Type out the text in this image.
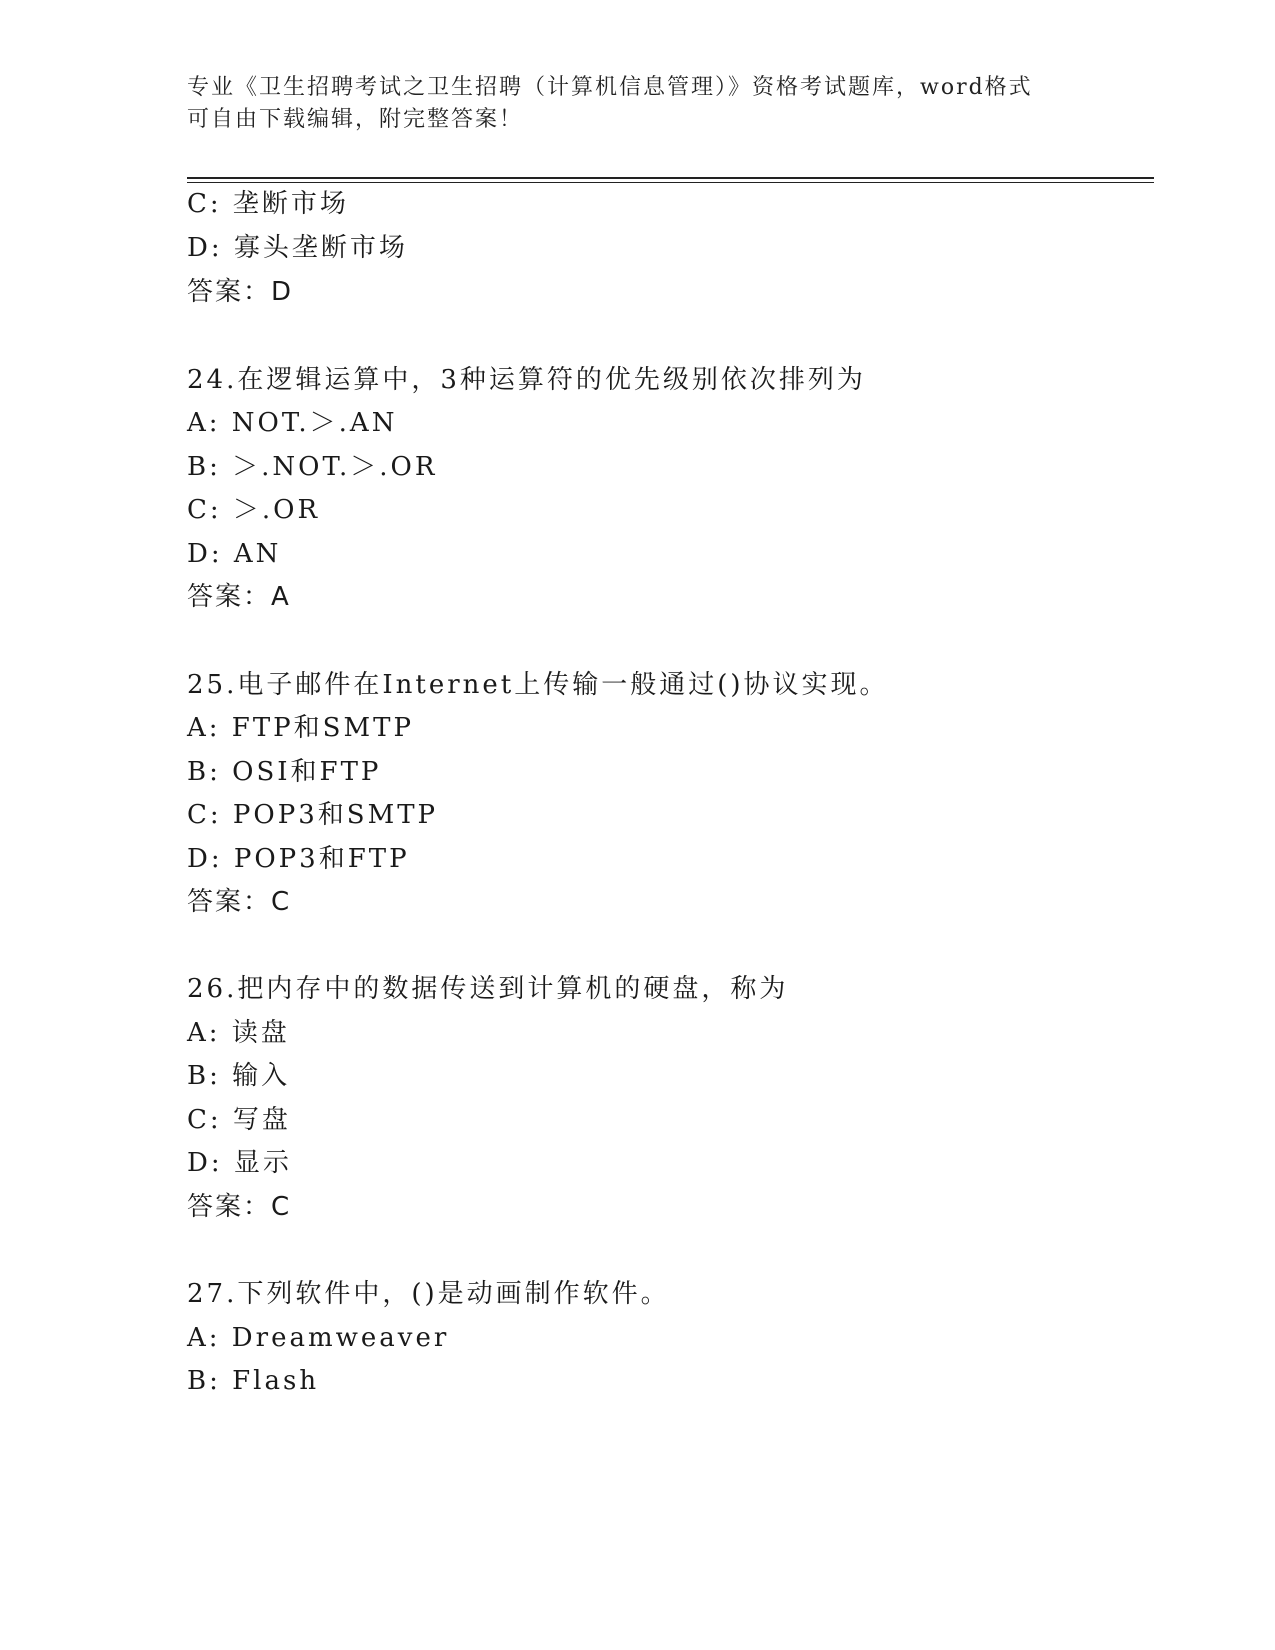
专业《卫生招聘考试之卫生招聘（计算机信息管理）》资格考试题库，word格式
可自由下载编辑，附完整答案！
C: 垄断市场
D: 寡头垄断市场
答案：D
24.在逻辑运算中，3种运算符的优先级别依次排列为
A: NOT.＞.AN
B: ＞.NOT.＞.OR
C: ＞.OR
D: AN
答案：A
25.电子邮件在Internet上传输一般通过()协议实现。
A: FTP和SMTP
B: OSI和FTP
C: POP3和SMTP
D: POP3和FTP
答案：C
26.把内存中的数据传送到计算机的硬盘，称为
A: 读盘
B: 输入
C: 写盘
D: 显示
答案：C
27.下列软件中，()是动画制作软件。
A: Dreamweaver
B: Flash
